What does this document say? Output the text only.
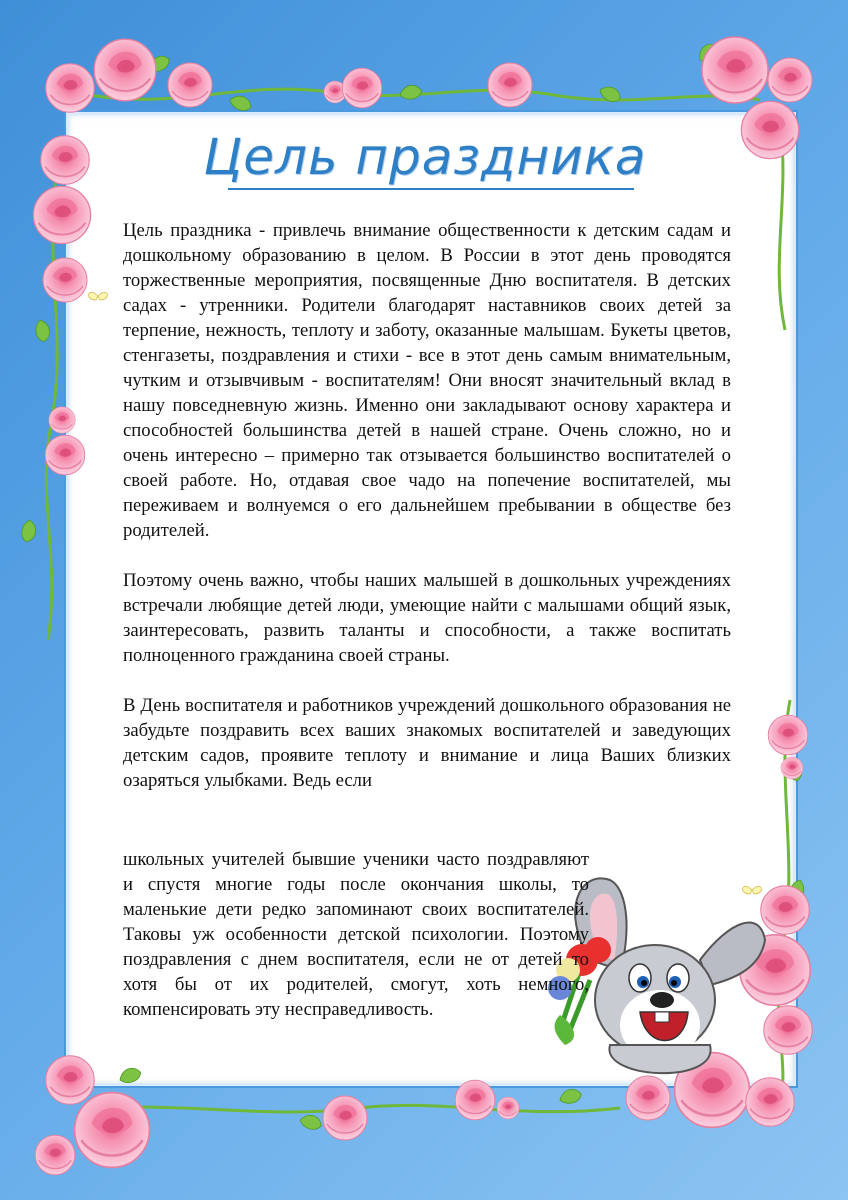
Цель праздника

Цель праздника - привлечь внимание общественности к детским садам и дошкольному образованию в целом. В России в этот день проводятся торжественные мероприятия, посвященные Дню воспитателя. В детских садах - утренники. Родители благодарят наставников своих детей за терпение, нежность, теплоту и заботу, оказанные малышам. Букеты цветов, стенгазеты, поздравления и стихи - все в этот день самым внимательным, чутким и отзывчивым - воспитателям! Они вносят значительный вклад в нашу повседневную жизнь. Именно они закладывают основу характера и способностей большинства детей в нашей стране. Очень сложно, но и очень интересно – примерно так отзывается большинство воспитателей о своей работе. Но, отдавая свое чадо на попечение воспитателей, мы переживаем и волнуемся о его дальнейшем пребывании в обществе без родителей.

Поэтому очень важно, чтобы наших малышей в дошкольных учреждениях встречали любящие детей люди, умеющие найти с малышами общий язык, заинтересовать, развить таланты и способности, а также воспитать полноценного гражданина своей страны.

В День воспитателя и работников учреждений дошкольного образования не забудьте поздравить всех ваших знакомых воспитателей и заведующих детским садов, проявите теплоту и внимание и лица Ваших близких озаряться улыбками. Ведь если

школьных учителей бывшие ученики часто поздравляют и спустя многие годы после окончания школы, то маленькие дети редко запоминают своих воспитателей. Таковы уж особенности детской психологии. Поэтому поздравления с днем воспитателя, если не от детей то хотя бы от их родителей, смогут, хоть немного, компенсировать эту несправедливость.
